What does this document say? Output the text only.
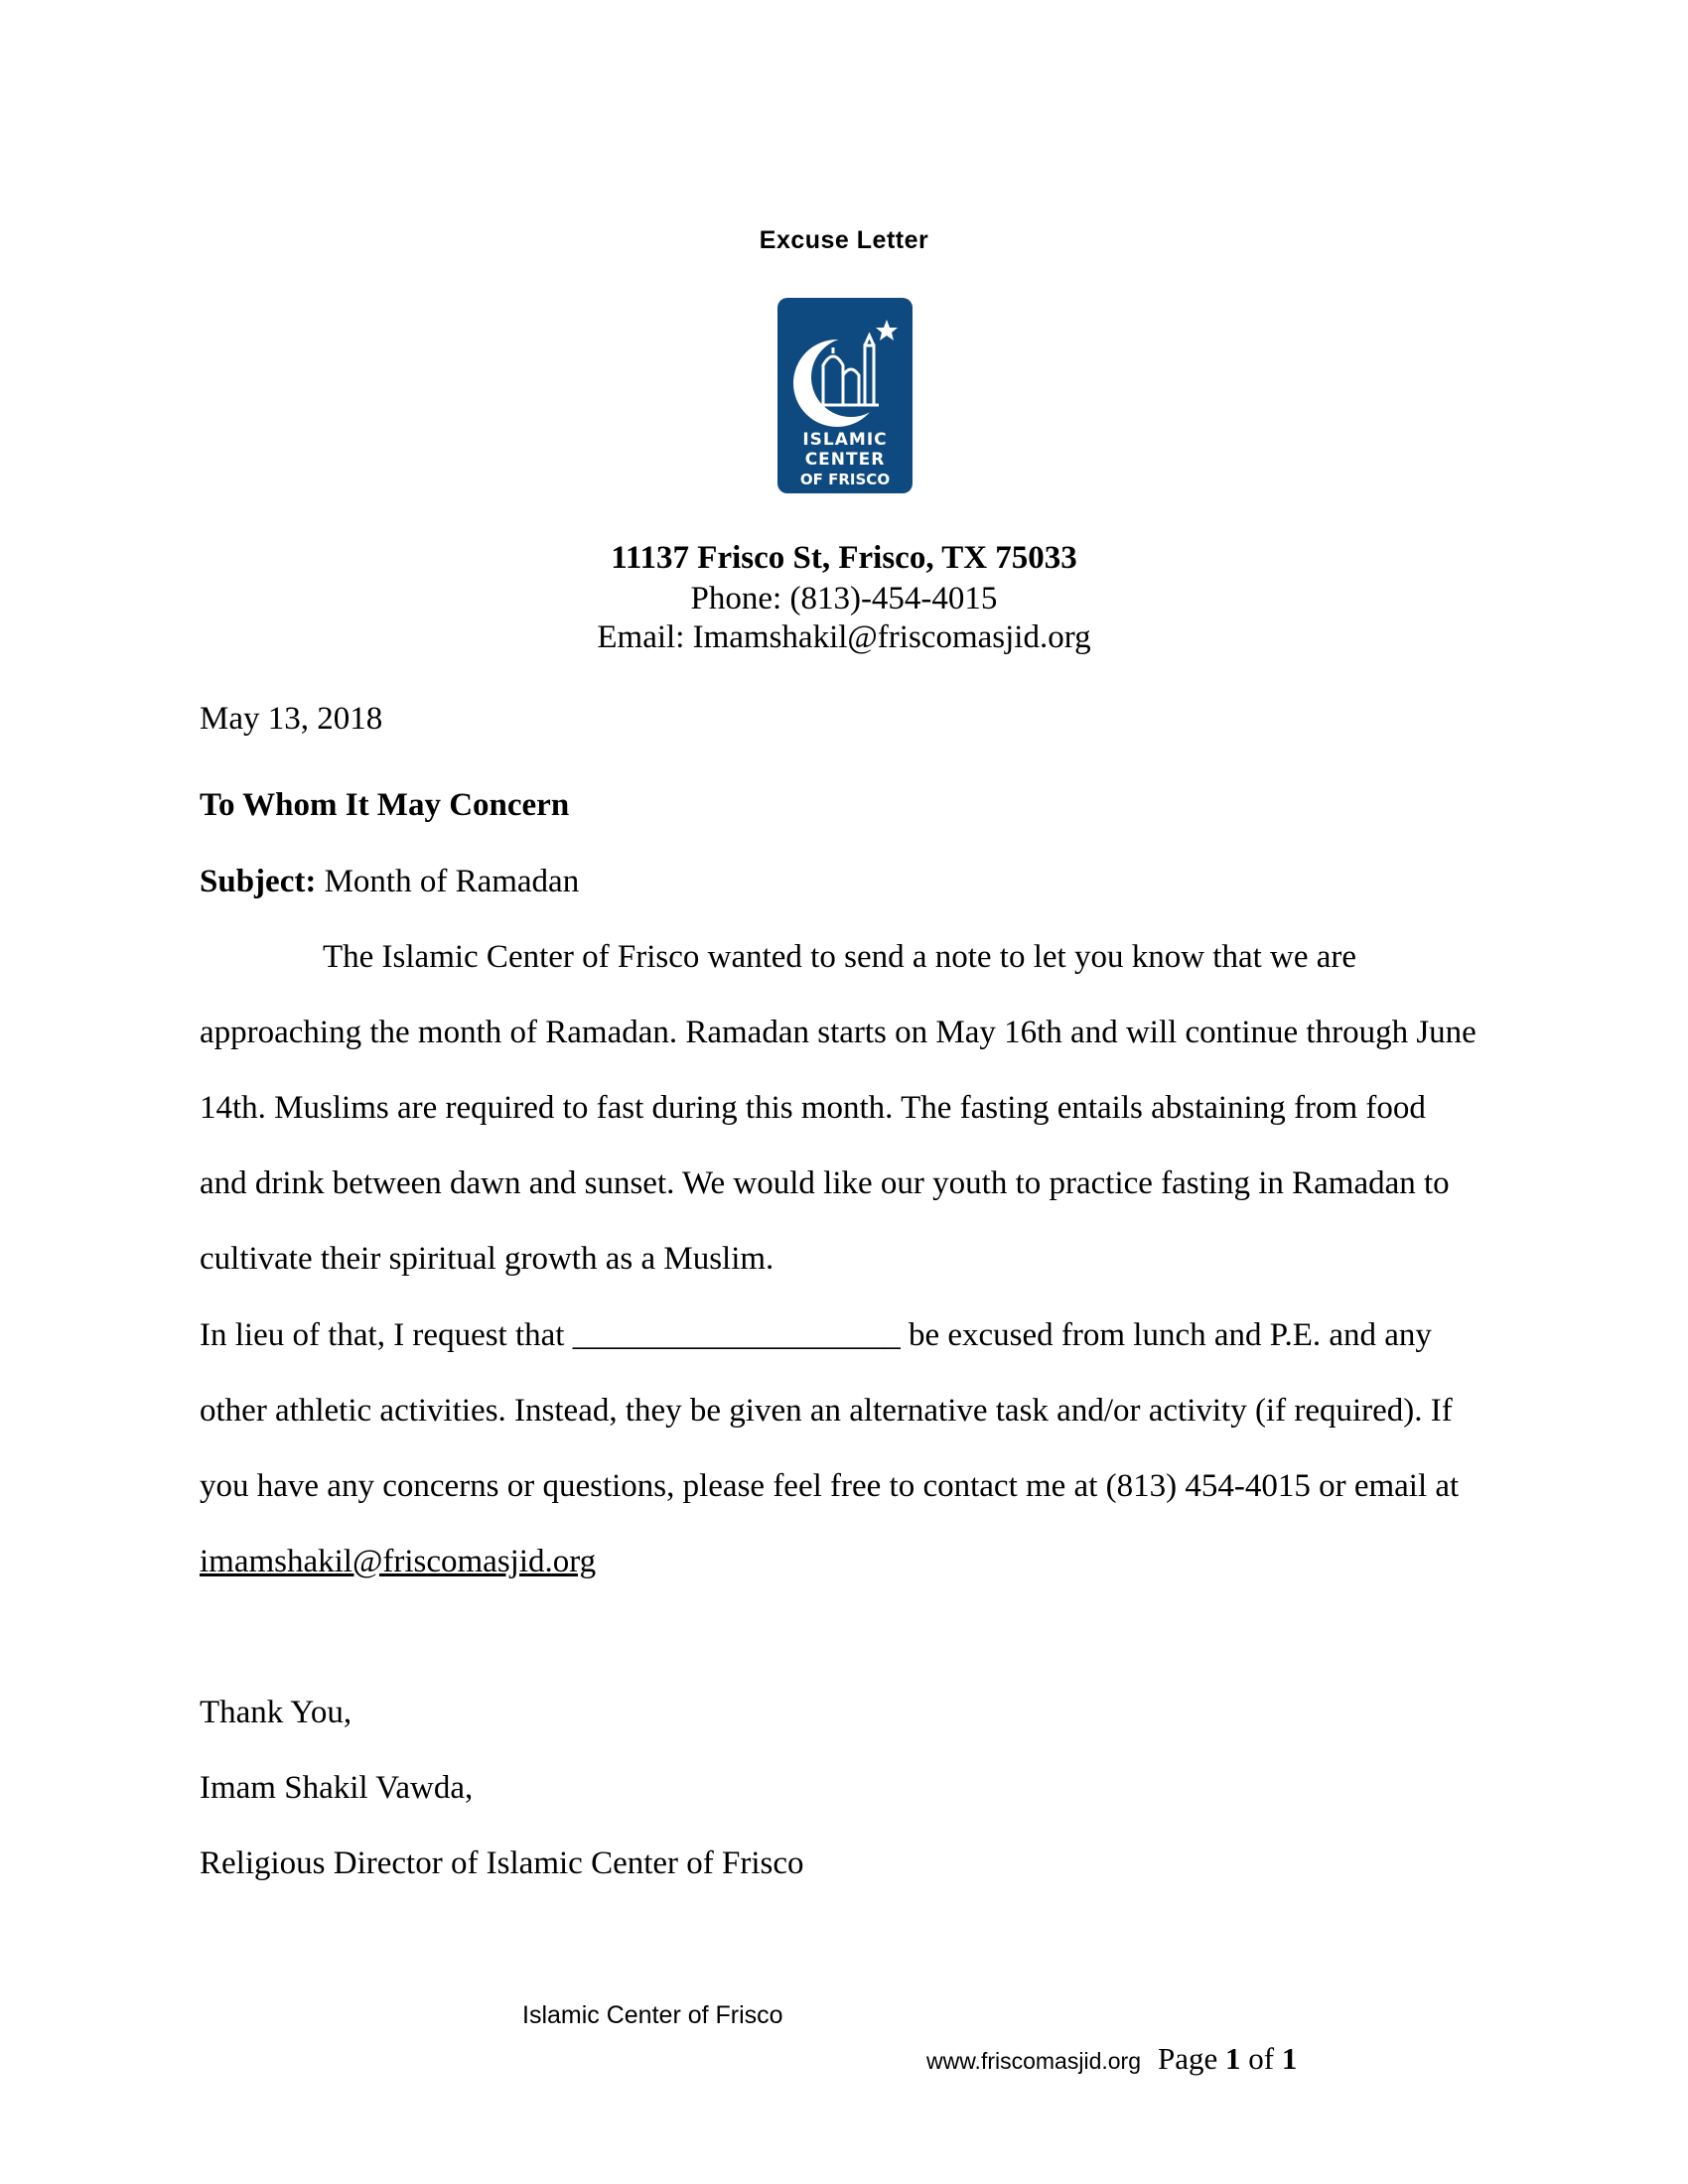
Excuse Letter
ISLAMIC
CENTER
OF FRISCO
11137 Frisco St, Frisco, TX 75033
Phone: (813)-454-4015
Email: Imamshakil@friscomasjid.org
May 13, 2018
To Whom It May Concern
Subject: Month of Ramadan
The Islamic Center of Frisco wanted to send a note to let you know that we are
approaching the month of Ramadan. Ramadan starts on May 16th and will continue through June
14th. Muslims are required to fast during this month. The fasting entails abstaining from food
and drink between dawn and sunset. We would like our youth to practice fasting in Ramadan to
cultivate their spiritual growth as a Muslim.
In lieu of that, I request that ____________________ be excused from lunch and P.E. and any
other athletic activities. Instead, they be given an alternative task and/or activity (if required). If
you have any concerns or questions, please feel free to contact me at (813) 454-4015 or email at
imamshakil@friscomasjid.org
Thank You,
Imam Shakil Vawda,
Religious Director of Islamic Center of Frisco
Islamic Center of Frisco
www.friscomasjid.org Page 1 of 1
